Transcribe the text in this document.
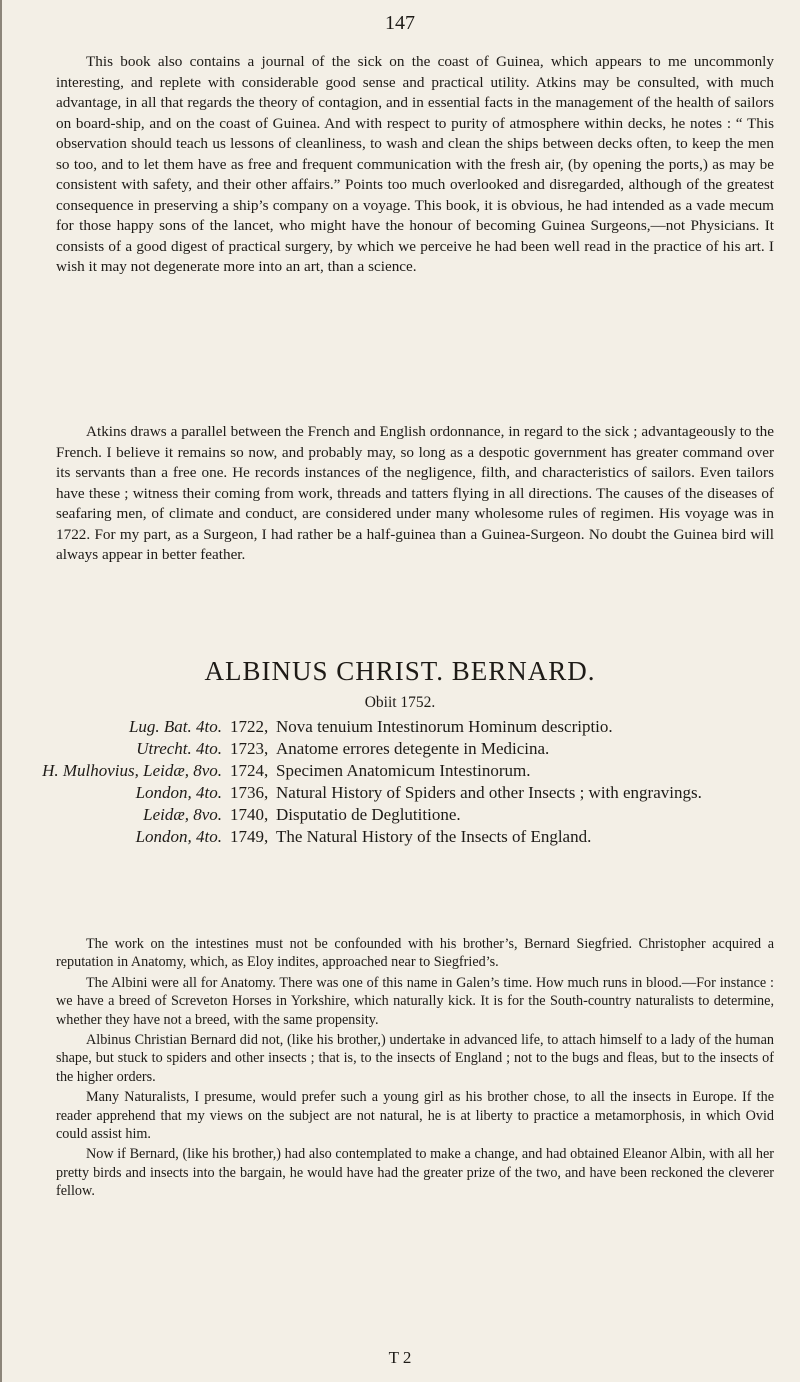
147

This book also contains a journal of the sick on the coast of Guinea, which appears to me uncommonly interesting, and replete with considerable good sense and practical utility. Atkins may be consulted, with much advantage, in all that regards the theory of contagion, and in essential facts in the management of the health of sailors on board-ship, and on the coast of Guinea. And with respect to purity of atmosphere within decks, he notes : “ This observation should teach us lessons of cleanliness, to wash and clean the ships between decks often, to keep the men so too, and to let them have as free and frequent communication with the fresh air, (by opening the ports,) as may be consistent with safety, and their other affairs.” Points too much overlooked and disregarded, although of the greatest consequence in preserving a ship’s company on a voyage. This book, it is obvious, he had intended as a vade mecum for those happy sons of the lancet, who might have the honour of becoming Guinea Surgeons,—not Physicians. It consists of a good digest of practical surgery, by which we perceive he had been well read in the practice of his art. I wish it may not degenerate more into an art, than a science.

Atkins draws a parallel between the French and English ordonnance, in regard to the sick ; advantageously to the French. I believe it remains so now, and probably may, so long as a despotic government has greater command over its servants than a free one. He records instances of the negligence, filth, and characteristics of sailors. Even tailors have these ; witness their coming from work, threads and tatters flying in all directions. The causes of the diseases of seafaring men, of climate and conduct, are considered under many wholesome rules of regimen. His voyage was in 1722. For my part, as a Surgeon, I had rather be a half-guinea than a Guinea-Surgeon. No doubt the Guinea bird will always appear in better feather.

ALBINUS CHRIST. BERNARD.
Obiit 1752.
Lug. Bat. 4to. 1722, Nova tenuium Intestinorum Hominum descriptio.
Utrecht. 4to. 1723, Anatome errores detegente in Medicina.
H. Mulhovius, Leidæ, 8vo. 1724, Specimen Anatomicum Intestinorum.
London, 4to. 1736, Natural History of Spiders and other Insects ; with engravings.
Leidæ, 8vo. 1740, Disputatio de Deglutitione.
London, 4to. 1749, The Natural History of the Insects of England.

The work on the intestines must not be confounded with his brother’s, Bernard Siegfried. Christopher acquired a reputation in Anatomy, which, as Eloy indites, approached near to Siegfried’s.

The Albini were all for Anatomy. There was one of this name in Galen’s time. How much runs in blood.—For instance : we have a breed of Screveton Horses in Yorkshire, which naturally kick. It is for the South-country naturalists to determine, whether they have not a breed, with the same propensity.

Albinus Christian Bernard did not, (like his brother,) undertake in advanced life, to attach himself to a lady of the human shape, but stuck to spiders and other insects ; that is, to the insects of England ; not to the bugs and fleas, but to the insects of the higher orders.

Many Naturalists, I presume, would prefer such a young girl as his brother chose, to all the insects in Europe. If the reader apprehend that my views on the subject are not natural, he is at liberty to practice a metamorphosis, in which Ovid could assist him.

Now if Bernard, (like his brother,) had also contemplated to make a change, and had obtained Eleanor Albin, with all her pretty birds and insects into the bargain, he would have had the greater prize of the two, and have been reckoned the cleverer fellow.

T 2
